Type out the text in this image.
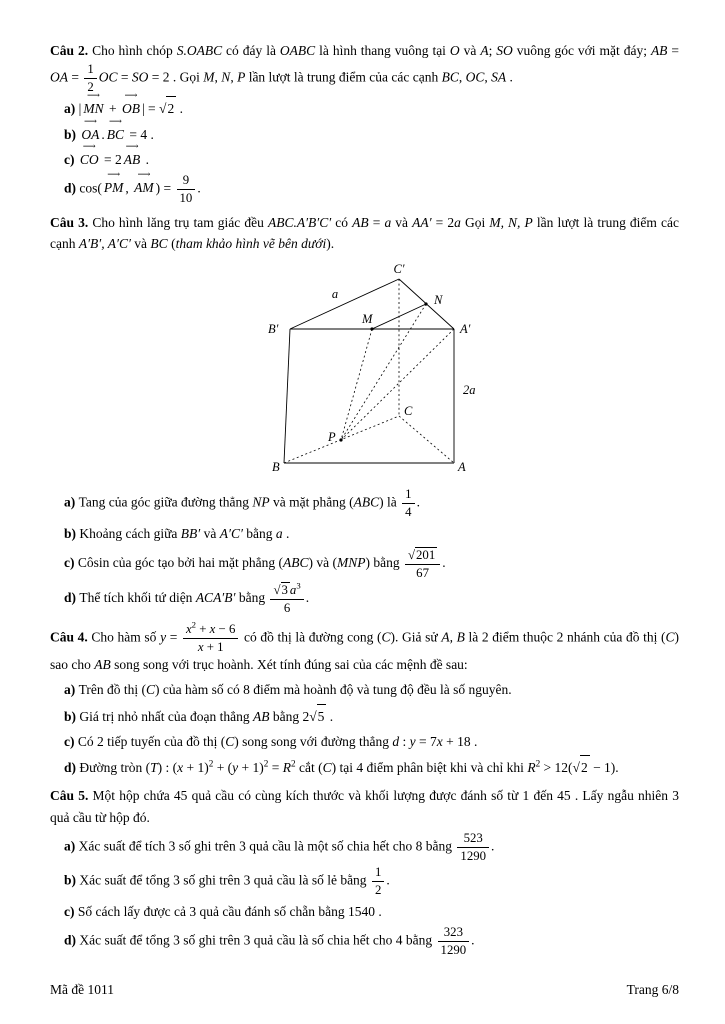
Câu 2. Cho hình chóp S.OABC có đáy là OABC là hình thang vuông tại O và A; SO vuông góc với mặt đáy; AB = OA = $\frac{1}{2}$ OC = SO = 2 . Gọi M, N, P lần lượt là trung điểm của các cạnh BC, OC, SA .
a) |
⟶
MN +
⟶
OB | = √2 .
b)
⟶
OA .
⟶
BC = 4 .
c)
⟶
CO = 2
⟶
AB .
d) cos(
⟶
PM ,
⟶
AM ) = $\frac{9}{10}$ .
Câu 3. Cho hình lăng trụ tam giác đều ABC.A′B′C′ có AB = a và AA′ = 2a Gọi M, N, P lần lượt là trung điểm các cạnh A′B′, A′C′ và BC (tham khảo hình vẽ bên dưới).
C′
a	N
M
B′	A′
2a
C
P
B	A
a) Tang của góc giữa đường thẳng NP và mặt phẳng (ABC) là $\frac{1}{4}$ .
b) Khoảng cách giữa BB′ và A′C′ bằng a .
c) Côsin của góc tạo bởi hai mặt phẳng (ABC) và (MNP) bằng $\frac{√201}{67}$ .
d) Thể tích khối tứ diện ACA′B′ bằng $\frac{√3 a^3}{6}$ .
Câu 4. Cho hàm số $y = \frac{x^2 + x - 6}{x + 1}$ có đồ thị là đường cong (C). Giả sử A, B là 2 điểm thuộc 2 nhánh của đồ thị (C) sao cho AB song song với trục hoành. Xét tính đúng sai của các mệnh đề sau:
a) Trên đồ thị (C) của hàm số có 8 điểm mà hoành độ và tung độ đều là số nguyên.
b) Giá trị nhỏ nhất của đoạn thẳng AB bằng 2√5 .
c) Có 2 tiếp tuyến của đồ thị (C) song song với đường thẳng d : y = 7x + 18 .
d) Đường tròn (T) : $(x + 1)^2 + (y + 1)^2 = R^2$ cắt (C) tại 4 điểm phân biệt khi và chỉ khi $R^2 > 12(√2 - 1)$.
Câu 5. Một hộp chứa 45 quả cầu có cùng kích thước và khối lượng được đánh số từ 1 đến 45 . Lấy ngẫu nhiên 3 quả cầu từ hộp đó.
a) Xác suất để tích 3 số ghi trên 3 quả cầu là một số chia hết cho 8 bằng $\frac{523}{1290}$ .
b) Xác suất để tổng 3 số ghi trên 3 quả cầu là số lẻ bằng $\frac{1}{2}$ .
c) Số cách lấy được cả 3 quả cầu đánh số chẵn bằng 1540 .
d) Xác suất để tổng 3 số ghi trên 3 quả cầu là số chia hết cho 4 bằng $\frac{323}{1290}$ .
Mã đề 1011	Trang 6/8
